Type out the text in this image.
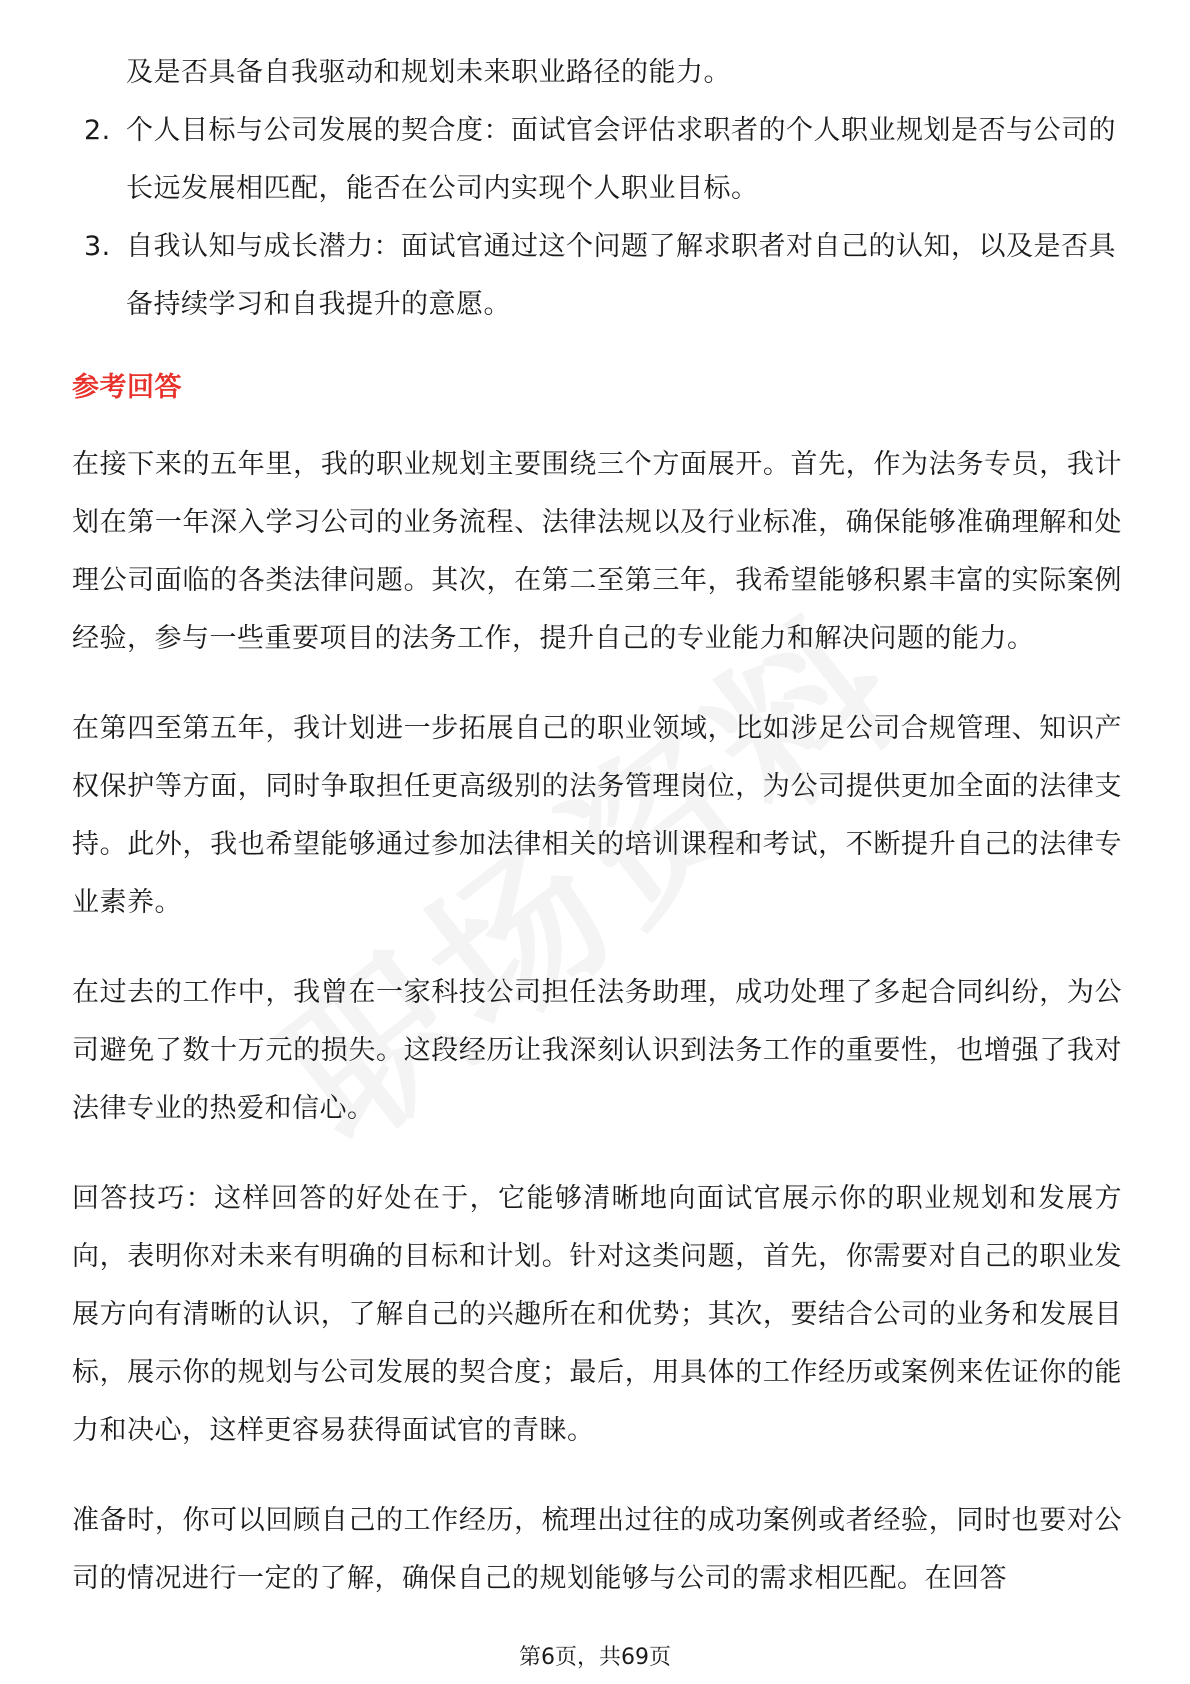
及是否具备自我驱动和规划未来职业路径的能力。
2. 个人目标与公司发展的契合度：面试官会评估求职者的个人职业规划是否与公司的长远发展相匹配，能否在公司内实现个人职业目标。
3. 自我认知与成长潜力：面试官通过这个问题了解求职者对自己的认知，以及是否具备持续学习和自我提升的意愿。
参考回答

在接下来的五年里，我的职业规划主要围绕三个方面展开。首先，作为法务专员，我计划在第一年深入学习公司的业务流程、法律法规以及行业标准，确保能够准确理解和处理公司面临的各类法律问题。其次，在第二至第三年，我希望能够积累丰富的实际案例经验，参与一些重要项目的法务工作，提升自己的专业能力和解决问题的能力。

在第四至第五年，我计划进一步拓展自己的职业领域，比如涉足公司合规管理、知识产权保护等方面，同时争取担任更高级别的法务管理岗位，为公司提供更加全面的法律支持。此外，我也希望能够通过参加法律相关的培训课程和考试，不断提升自己的法律专业素养。

在过去的工作中，我曾在一家科技公司担任法务助理，成功处理了多起合同纠纷，为公司避免了数十万元的损失。这段经历让我深刻认识到法务工作的重要性，也增强了我对法律专业的热爱和信心。

回答技巧：这样回答的好处在于，它能够清晰地向面试官展示你的职业规划和发展方向，表明你对未来有明确的目标和计划。针对这类问题，首先，你需要对自己的职业发展方向有清晰的认识，了解自己的兴趣所在和优势；其次，要结合公司的业务和发展目标，展示你的规划与公司发展的契合度；最后，用具体的工作经历或案例来佐证你的能力和决心，这样更容易获得面试官的青睐。

准备时，你可以回顾自己的工作经历，梳理出过往的成功案例或者经验，同时也要对公司的情况进行一定的了解，确保自己的规划能够与公司的需求相匹配。在回答

第6页，共69页
